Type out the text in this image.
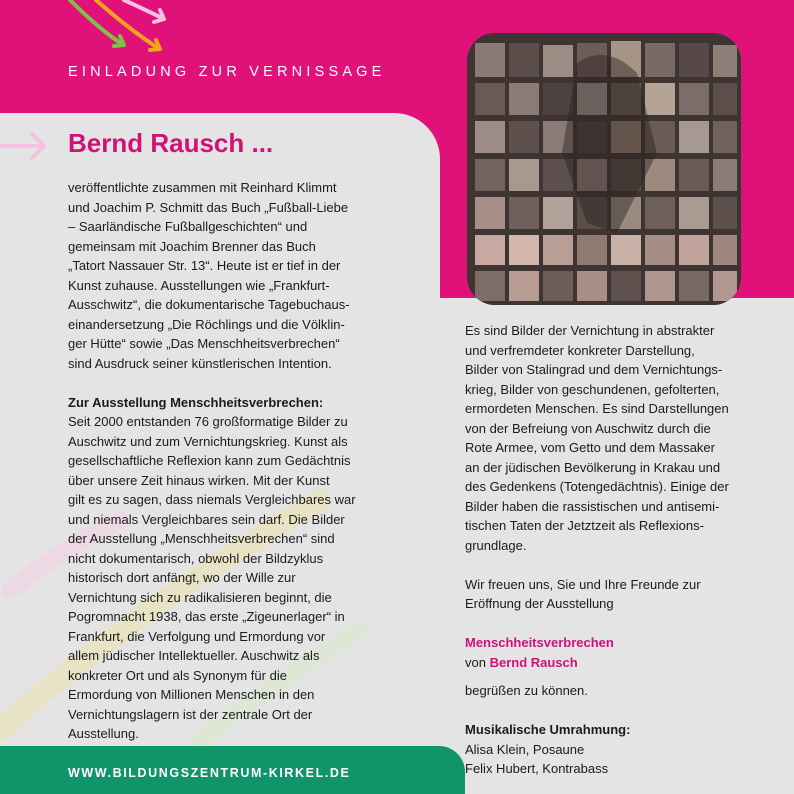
EINLADUNG ZUR VERNISSAGE
Bernd Rausch ...

veröffentlichte zusammen mit Reinhard Klimmt

und Joachim P. Schmitt das Buch „Fußball-Liebe

– Saarländische Fußballgeschichten“ und

gemeinsam mit Joachim Brenner das Buch

„Tatort Nassauer Str. 13“. Heute ist er tief in der

Kunst zuhause. Ausstellungen wie „Frankfurt-

Ausschwitz“, die dokumentarische Tagebuchaus-

einandersetzung „Die Röchlings und die Völklin-

ger Hütte“ sowie „Das Menschheitsverbrechen“

sind Ausdruck seiner künstlerischen Intention.

Zur Ausstellung Menschheitsverbrechen:

Seit 2000 entstanden 76 großformatige Bilder zu

Auschwitz und zum Vernichtungskrieg. Kunst als

gesellschaftliche Reflexion kann zum Gedächtnis

über unsere Zeit hinaus wirken. Mit der Kunst

gilt es zu sagen, dass niemals Vergleichbares war

und niemals Vergleichbares sein darf. Die Bilder

der Ausstellung „Menschheitsverbrechen“ sind

nicht dokumentarisch, obwohl der Bildzyklus

historisch dort anfängt, wo der Wille zur

Vernichtung sich zu radikalisieren beginnt, die

Pogromnacht 1938, das erste „Zigeunerlager“ in

Frankfurt, die Verfolgung und Ermordung vor

allem jüdischer Intellektueller. Auschwitz als

konkreter Ort und als Synonym für die

Ermordung von Millionen Menschen in den

Vernichtungslagern ist der zentrale Ort der

Ausstellung.

Es sind Bilder der Vernichtung in abstrakter

und verfremdeter konkreter Darstellung,

Bilder von Stalingrad und dem Vernichtungs-

krieg, Bilder von geschundenen, gefolterten,

ermordeten Menschen. Es sind Darstellungen

von der Befreiung von Auschwitz durch die

Rote Armee, vom Getto und dem Massaker

an der jüdischen Bevölkerung in Krakau und

des Gedenkens (Totengedächtnis). Einige der

Bilder haben die rassistischen und antisemi-

tischen Taten der Jetztzeit als Reflexions-

grundlage.

Wir freuen uns, Sie und Ihre Freunde zur

Eröffnung der Ausstellung

Menschheitsverbrechen

von Bernd Rausch

begrüßen zu können.

Musikalische Umrahmung:

Alisa Klein, Posaune

Felix Hubert, Kontrabass

WWW.BILDUNGSZENTRUM-KIRKEL.DE
